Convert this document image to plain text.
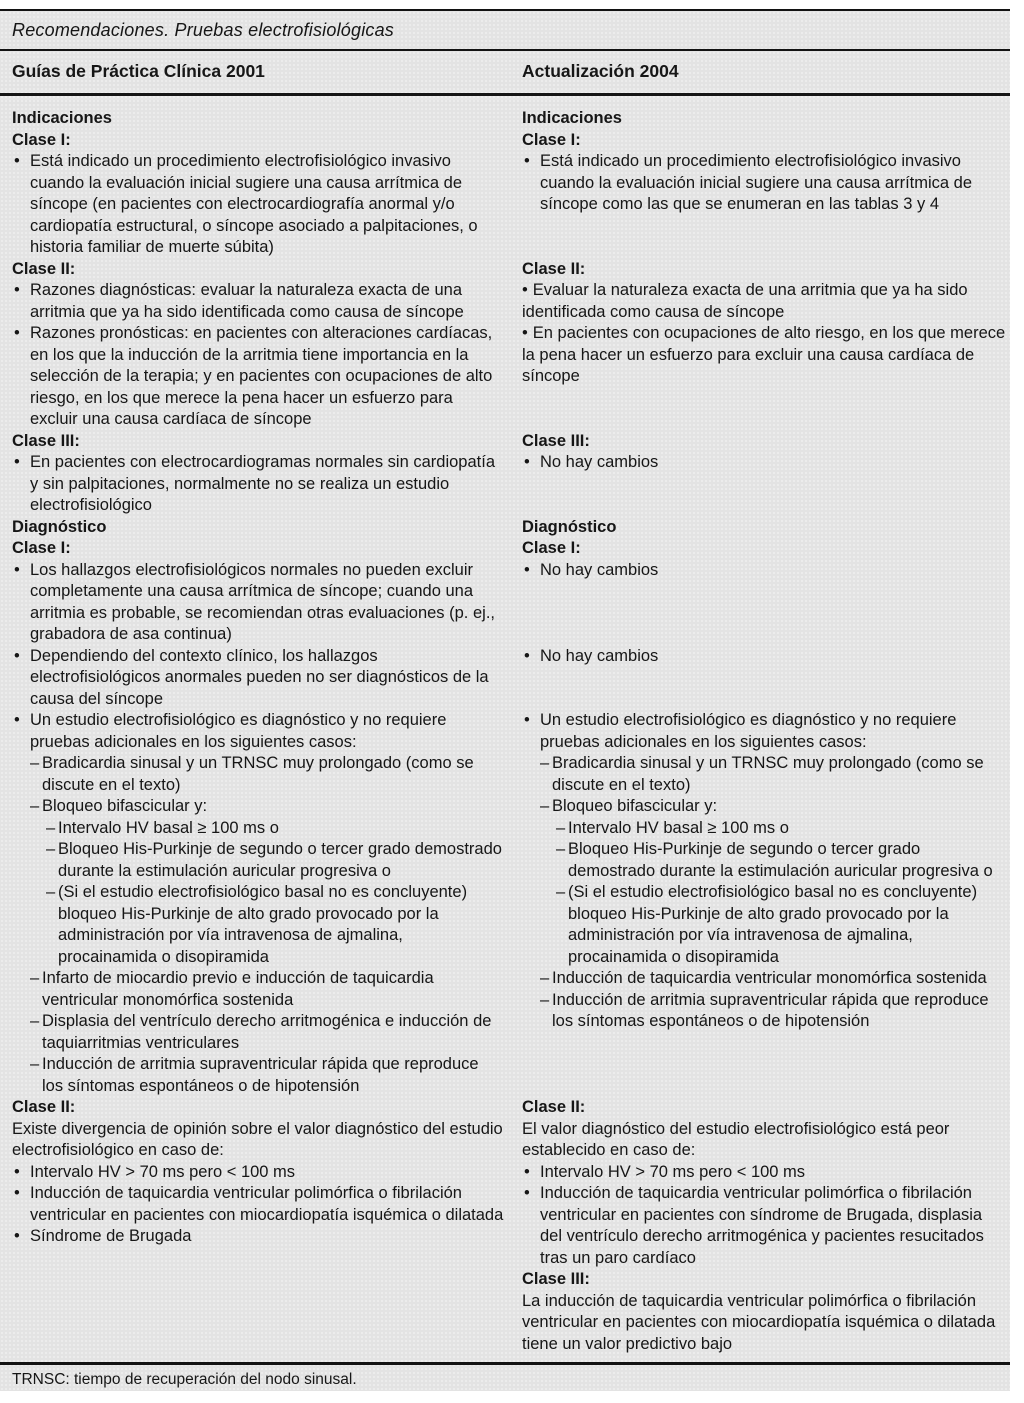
Recomendaciones. Pruebas electrofisiológicas
Guías de Práctica Clínica 2001	Actualización 2004
Indicaciones
Clase I:
• Está indicado un procedimiento electrofisiológico invasivo cuando la evaluación inicial sugiere una causa arrítmica de síncope (en pacientes con electrocardiografía anormal y/o cardiopatía estructural, o síncope asociado a palpitaciones, o historia familiar de muerte súbita)
Indicaciones
Clase I:
• Está indicado un procedimiento electrofisiológico invasivo cuando la evaluación inicial sugiere una causa arrítmica de síncope como las que se enumeran en las tablas 3 y 4
Clase II:
• Razones diagnósticas: evaluar la naturaleza exacta de una arritmia que ya ha sido identificada como causa de síncope
• Razones pronósticas: en pacientes con alteraciones cardíacas, en los que la inducción de la arritmia tiene importancia en la selección de la terapia; y en pacientes con ocupaciones de alto riesgo, en los que merece la pena hacer un esfuerzo para excluir una causa cardíaca de síncope
Clase II:
• Evaluar la naturaleza exacta de una arritmia que ya ha sido identificada como causa de síncope
• En pacientes con ocupaciones de alto riesgo, en los que merece la pena hacer un esfuerzo para excluir una causa cardíaca de síncope
Clase III:
• En pacientes con electrocardiogramas normales sin cardiopatía y sin palpitaciones, normalmente no se realiza un estudio electrofisiológico
Clase III:
• No hay cambios
Diagnóstico
Clase I:
Diagnóstico
Clase I:
• Los hallazgos electrofisiológicos normales no pueden excluir completamente una causa arrítmica de síncope; cuando una arritmia es probable, se recomiendan otras evaluaciones (p. ej., grabadora de asa continua)
• No hay cambios
• Dependiendo del contexto clínico, los hallazgos electrofisiológicos anormales pueden no ser diagnósticos de la causa del síncope
• No hay cambios
• Un estudio electrofisiológico es diagnóstico y no requiere pruebas adicionales en los siguientes casos:
– Bradicardia sinusal y un TRNSC muy prolongado (como se discute en el texto)
– Bloqueo bifascicular y:
– Intervalo HV basal ≥ 100 ms o
– Bloqueo His-Purkinje de segundo o tercer grado demostrado durante la estimulación auricular progresiva o
– (Si el estudio electrofisiológico basal no es concluyente) bloqueo His-Purkinje de alto grado provocado por la administración por vía intravenosa de ajmalina, procainamida o disopiramida
– Infarto de miocardio previo e inducción de taquicardia ventricular monomórfica sostenida
– Displasia del ventrículo derecho arritmogénica e inducción de taquiarritmias ventriculares
– Inducción de arritmia supraventricular rápida que reproduce los síntomas espontáneos o de hipotensión
• Un estudio electrofisiológico es diagnóstico y no requiere pruebas adicionales en los siguientes casos:
– Bradicardia sinusal y un TRNSC muy prolongado (como se discute en el texto)
– Bloqueo bifascicular y:
– Intervalo HV basal ≥ 100 ms o
– Bloqueo His-Purkinje de segundo o tercer grado demostrado durante la estimulación auricular progresiva o
– (Si el estudio electrofisiológico basal no es concluyente) bloqueo His-Purkinje de alto grado provocado por la administración por vía intravenosa de ajmalina, procainamida o disopiramida
– Inducción de taquicardia ventricular monomórfica sostenida
– Inducción de arritmia supraventricular rápida que reproduce los síntomas espontáneos o de hipotensión
Clase II:
Existe divergencia de opinión sobre el valor diagnóstico del estudio electrofisiológico en caso de:
• Intervalo HV > 70 ms pero < 100 ms
• Inducción de taquicardia ventricular polimórfica o fibrilación ventricular en pacientes con miocardiopatía isquémica o dilatada
• Síndrome de Brugada
Clase II:
El valor diagnóstico del estudio electrofisiológico está peor establecido en caso de:
• Intervalo HV > 70 ms pero < 100 ms
• Inducción de taquicardia ventricular polimórfica o fibrilación ventricular en pacientes con síndrome de Brugada, displasia del ventrículo derecho arritmogénica y pacientes resucitados tras un paro cardíaco
Clase III:
La inducción de taquicardia ventricular polimórfica o fibrilación ventricular en pacientes con miocardiopatía isquémica o dilatada tiene un valor predictivo bajo
TRNSC: tiempo de recuperación del nodo sinusal.
